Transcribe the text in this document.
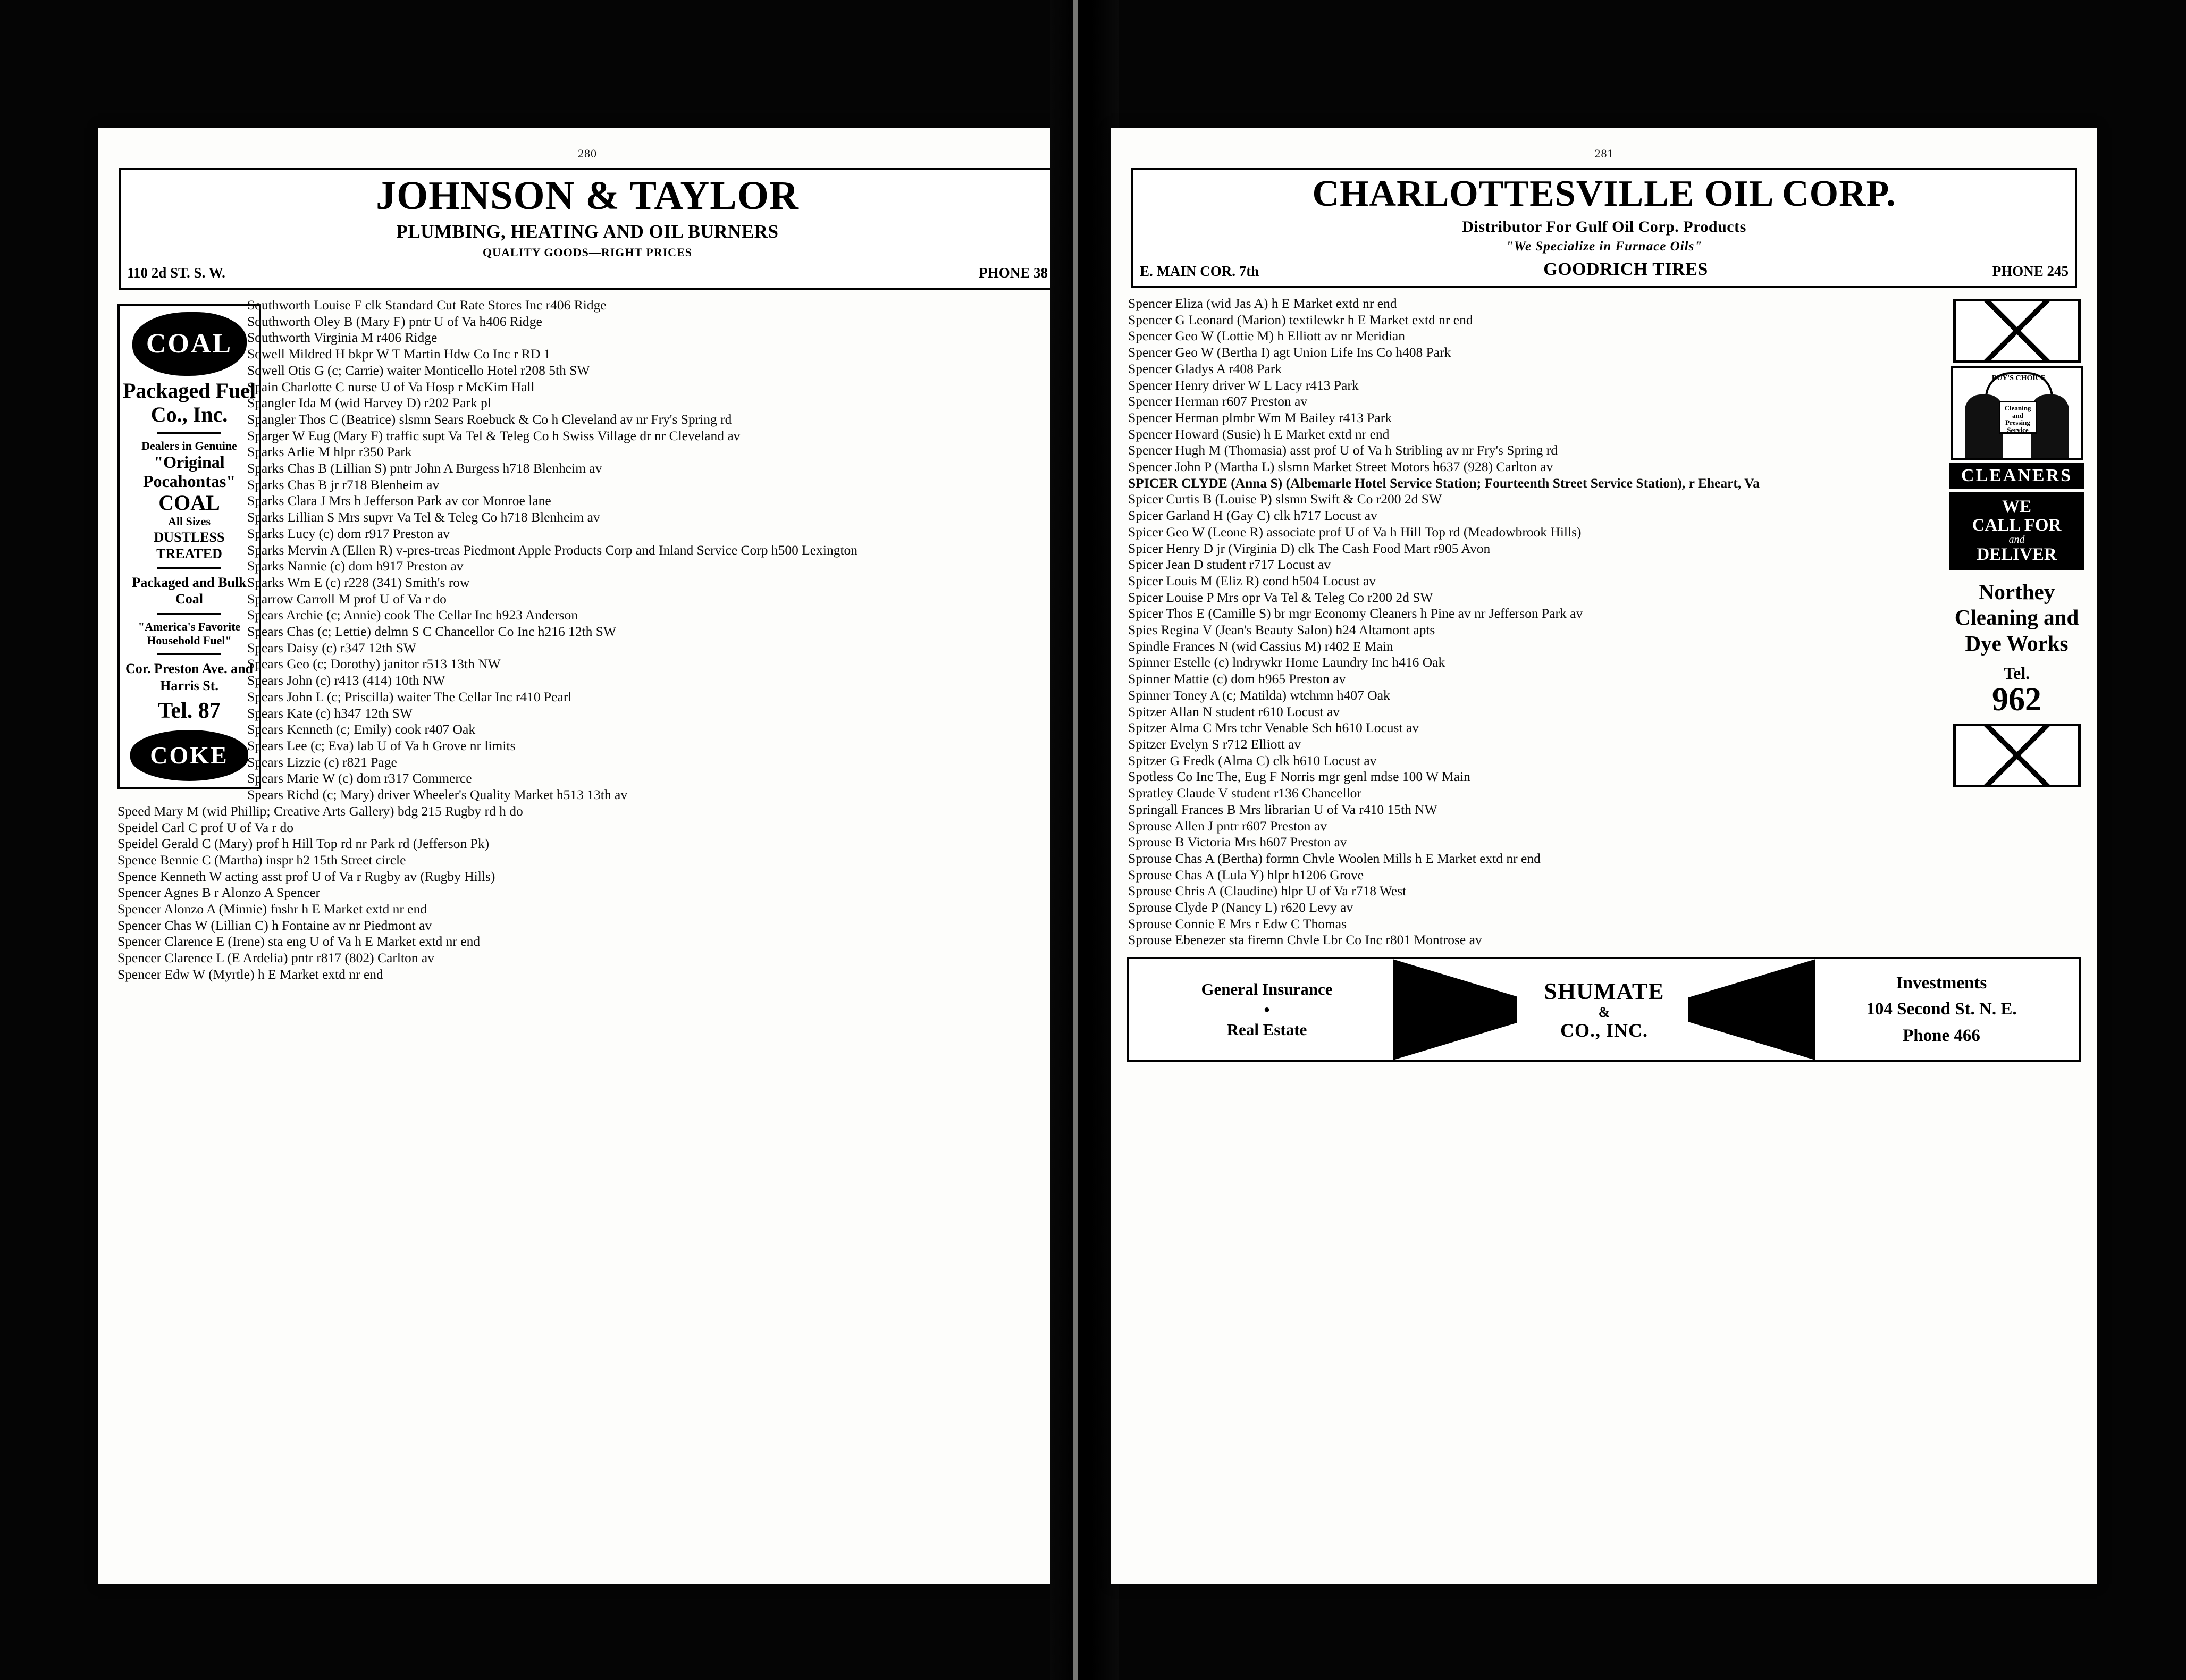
280
JOHNSON & TAYLOR
PLUMBING, HEATING AND OIL BURNERS
QUALITY GOODS—RIGHT PRICES
110 2d ST. S. W.	PHONE 38
COAL
Packaged Fuel Co., Inc.
Dealers in Genuine
"Original Pocahontas"
COAL
All Sizes
DUSTLESS TREATED
Packaged and Bulk Coal
"America's Favorite Household Fuel"
Cor. Preston Ave. and Harris St.
Tel. 87
COKE
Southworth Louise F clk Standard Cut Rate Stores Inc r406 Ridge
Southworth Oley B (Mary F) pntr U of Va h406 Ridge
Southworth Virginia M r406 Ridge
Sowell Mildred H bkpr W T Martin Hdw Co Inc r RD 1
Sowell Otis G (c; Carrie) waiter Monticello Hotel r208 5th SW
Spain Charlotte C nurse U of Va Hosp r McKim Hall
Spangler Ida M (wid Harvey D) r202 Park pl
Spangler Thos C (Beatrice) slsmn Sears Roebuck & Co h Cleveland av nr Fry's Spring rd
Sparger W Eug (Mary F) traffic supt Va Tel & Teleg Co h Swiss Village dr nr Cleveland av
Sparks Arlie M hlpr r350 Park
Sparks Chas B (Lillian S) pntr John A Burgess h718 Blenheim av
Sparks Chas B jr r718 Blenheim av
Sparks Clara J Mrs h Jefferson Park av cor Monroe lane
Sparks Lillian S Mrs supvr Va Tel & Teleg Co h718 Blenheim av
Sparks Lucy (c) dom r917 Preston av
Sparks Mervin A (Ellen R) v-pres-treas Piedmont Apple Products Corp and Inland Service Corp h500 Lexington
Sparks Nannie (c) dom h917 Preston av
Sparks Wm E (c) r228 (341) Smith's row
Sparrow Carroll M prof U of Va r do
Spears Archie (c; Annie) cook The Cellar Inc h923 Anderson
Spears Chas (c; Lettie) delmn S C Chancellor Co Inc h216 12th SW
Spears Daisy (c) r347 12th SW
Spears Geo (c; Dorothy) janitor r513 13th NW
Spears John (c) r413 (414) 10th NW
Spears John L (c; Priscilla) waiter The Cellar Inc r410 Pearl
Spears Kate (c) h347 12th SW
Spears Kenneth (c; Emily) cook r407 Oak
Spears Lee (c; Eva) lab U of Va h Grove nr limits
Spears Lizzie (c) r821 Page
Spears Marie W (c) dom r317 Commerce
Spears Richd (c; Mary) driver Wheeler's Quality Market h513 13th av
Speed Mary M (wid Phillip; Creative Arts Gallery) bdg 215 Rugby rd h do
Speidel Carl C prof U of Va r do
Speidel Gerald C (Mary) prof h Hill Top rd nr Park rd (Jefferson Pk)
Spence Bennie C (Martha) inspr h2 15th Street circle
Spence Kenneth W acting asst prof U of Va r Rugby av (Rugby Hills)
Spencer Agnes B r Alonzo A Spencer
Spencer Alonzo A (Minnie) fnshr h E Market extd nr end
Spencer Chas W (Lillian C) h Fontaine av nr Piedmont av
Spencer Clarence E (Irene) sta eng U of Va h E Market extd nr end
Spencer Clarence L (E Ardelia) pntr r817 (802) Carlton av
Spencer Edw W (Myrtle) h E Market extd nr end
281
CHARLOTTESVILLE OIL CORP.
Distributor For Gulf Oil Corp. Products
"We Specialize in Furnace Oils"
E. MAIN COR. 7th	GOODRICH TIRES	PHONE 245
Spencer Eliza (wid Jas A) h E Market extd nr end
Spencer G Leonard (Marion) textilewkr h E Market extd nr end
Spencer Geo W (Lottie M) h Elliott av nr Meridian
Spencer Geo W (Bertha I) agt Union Life Ins Co h408 Park
Spencer Gladys A r408 Park
Spencer Henry driver W L Lacy r413 Park
Spencer Herman r607 Preston av
Spencer Herman plmbr Wm M Bailey r413 Park
Spencer Howard (Susie) h E Market extd nr end
Spencer Hugh M (Thomasia) asst prof U of Va h Stribling av nr Fry's Spring rd
Spencer John P (Martha L) slsmn Market Street Motors h637 (928) Carlton av
SPICER CLYDE (Anna S) (Albemarle Hotel Service Station; Fourteenth Street Service Station), r Eheart, Va
Spicer Curtis B (Louise P) slsmn Swift & Co r200 2d SW
Spicer Garland H (Gay C) clk h717 Locust av
Spicer Geo W (Leone R) associate prof U of Va h Hill Top rd (Meadowbrook Hills)
Spicer Henry D jr (Virginia D) clk The Cash Food Mart r905 Avon
Spicer Jean D student r717 Locust av
Spicer Louis M (Eliz R) cond h504 Locust av
Spicer Louise P Mrs opr Va Tel & Teleg Co r200 2d SW
Spicer Thos E (Camille S) br mgr Economy Cleaners h Pine av nr Jefferson Park av
Spies Regina V (Jean's Beauty Salon) h24 Altamont apts
Spindle Frances N (wid Cassius M) r402 E Main
Spinner Estelle (c) lndrywkr Home Laundry Inc h416 Oak
Spinner Mattie (c) dom h965 Preston av
Spinner Toney A (c; Matilda) wtchmn h407 Oak
Spitzer Allan N student r610 Locust av
Spitzer Alma C Mrs tchr Venable Sch h610 Locust av
Spitzer Evelyn S r712 Elliott av
Spitzer G Fredk (Alma C) clk h610 Locust av
Spotless Co Inc The, Eug F Norris mgr genl mdse 100 W Main
Spratley Claude V student r136 Chancellor
Springall Frances B Mrs librarian U of Va r410 15th NW
Sprouse Allen J pntr r607 Preston av
Sprouse B Victoria Mrs h607 Preston av
Sprouse Chas A (Bertha) formn Chvle Woolen Mills h E Market extd nr end
Sprouse Chas A (Lula Y) hlpr h1206 Grove
Sprouse Chris A (Claudine) hlpr U of Va r718 West
Sprouse Clyde P (Nancy L) r620 Levy av
Sprouse Connie E Mrs r Edw C Thomas
Sprouse Ebenezer sta firemn Chvle Lbr Co Inc r801 Montrose av
BUY'S CHOICE
Cleaning and Pressing Service
CLEANERS
WE
CALL FOR
and
DELIVER
Northey Cleaning and Dye Works
Tel.
962
General Insurance
●
Real Estate
SHUMATE
&
CO., INC.
Investments
104 Second St. N. E.
Phone 466
